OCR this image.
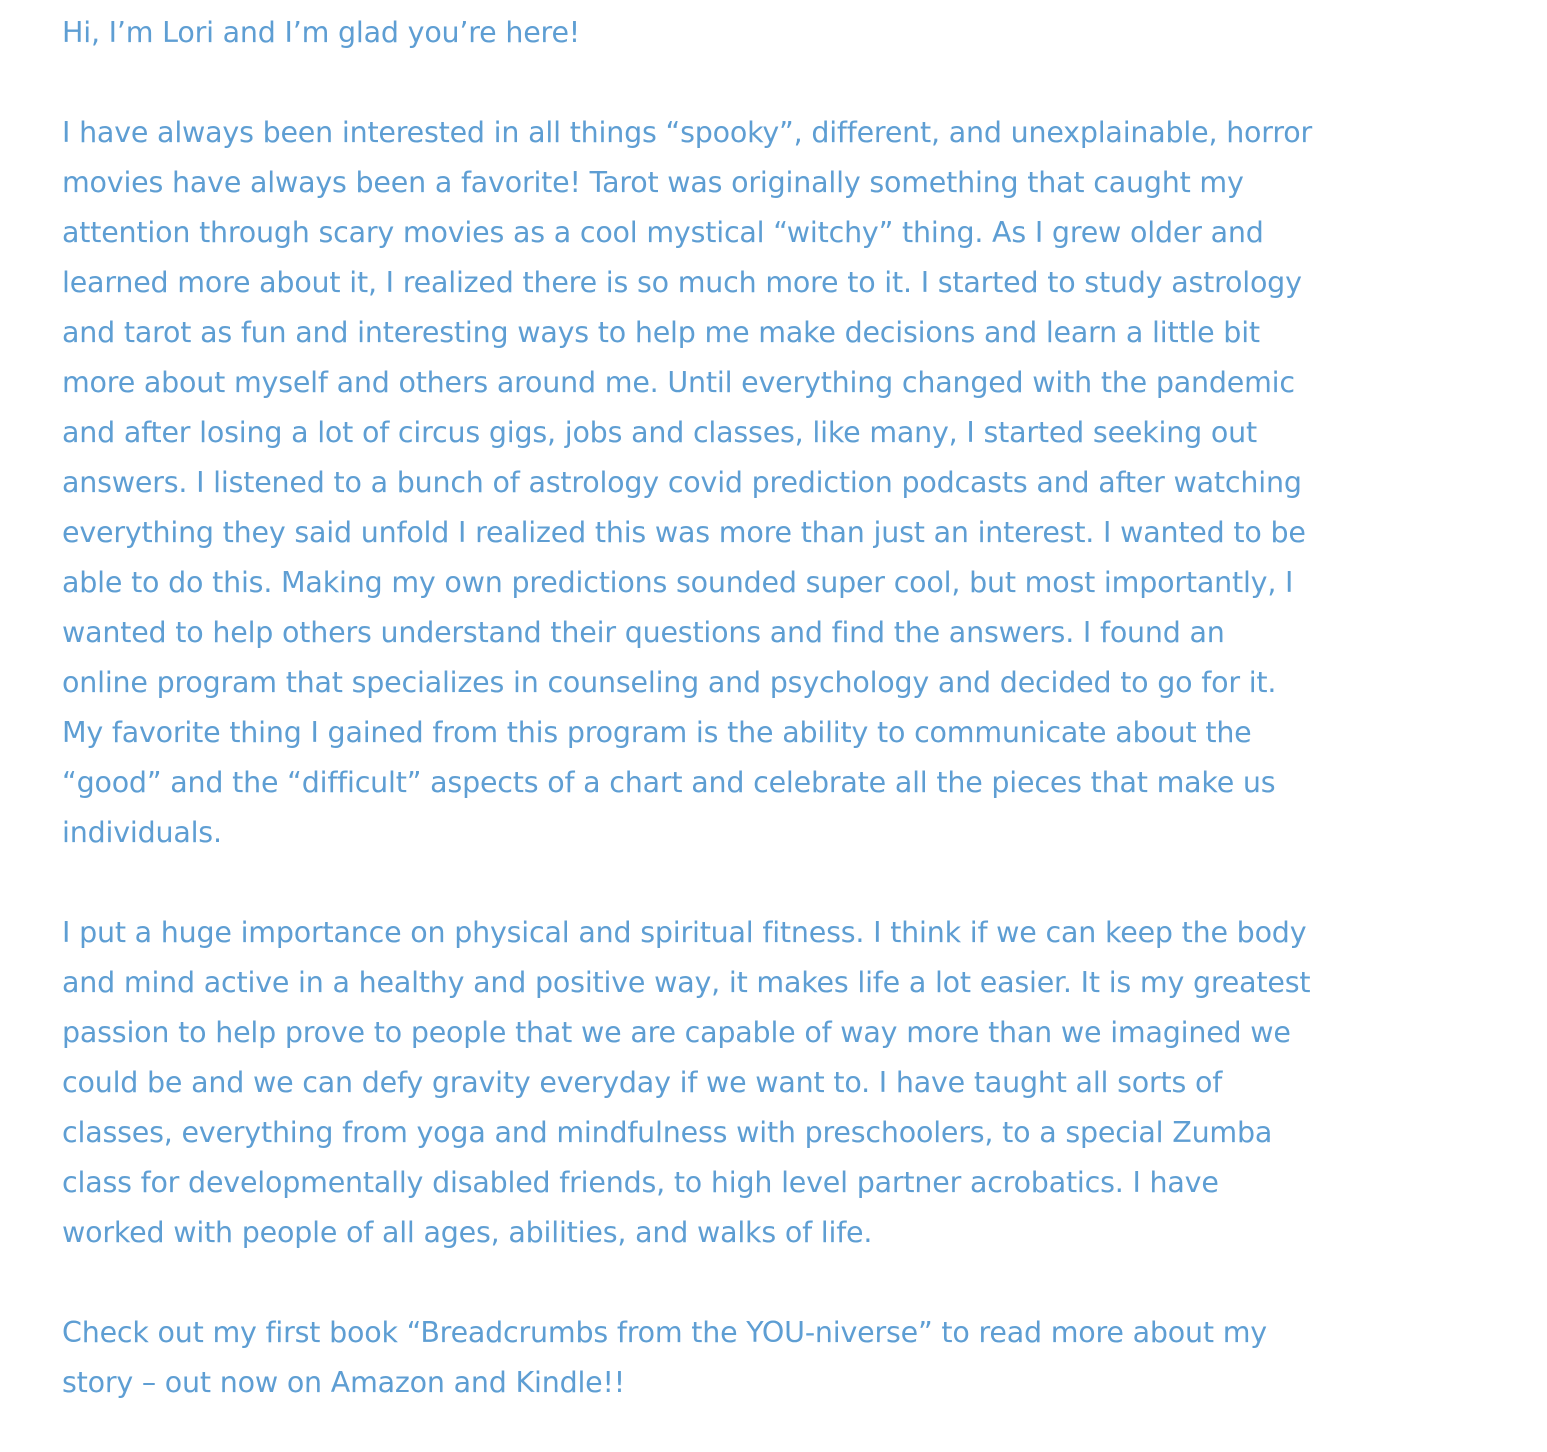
Hi, I’m Lori and I’m glad you’re here!

I have always been interested in all things “spooky”, different, and unexplainable, horror
movies have always been a favorite! Tarot was originally something that caught my
attention through scary movies as a cool mystical “witchy” thing. As I grew older and
learned more about it, I realized there is so much more to it. I started to study astrology
and tarot as fun and interesting ways to help me make decisions and learn a little bit
more about myself and others around me. Until everything changed with the pandemic
and after losing a lot of circus gigs, jobs and classes, like many, I started seeking out
answers. I listened to a bunch of astrology covid prediction podcasts and after watching
everything they said unfold I realized this was more than just an interest. I wanted to be
able to do this. Making my own predictions sounded super cool, but most importantly, I
wanted to help others understand their questions and find the answers. I found an
online program that specializes in counseling and psychology and decided to go for it.
My favorite thing I gained from this program is the ability to communicate about the
“good” and the “difficult” aspects of a chart and celebrate all the pieces that make us
individuals.

I put a huge importance on physical and spiritual fitness. I think if we can keep the body
and mind active in a healthy and positive way, it makes life a lot easier. It is my greatest
passion to help prove to people that we are capable of way more than we imagined we
could be and we can defy gravity everyday if we want to. I have taught all sorts of
classes, everything from yoga and mindfulness with preschoolers, to a special Zumba
class for developmentally disabled friends, to high level partner acrobatics. I have
worked with people of all ages, abilities, and walks of life.

Check out my first book “Breadcrumbs from the YOU-niverse” to read more about my
story – out now on Amazon and Kindle!!
